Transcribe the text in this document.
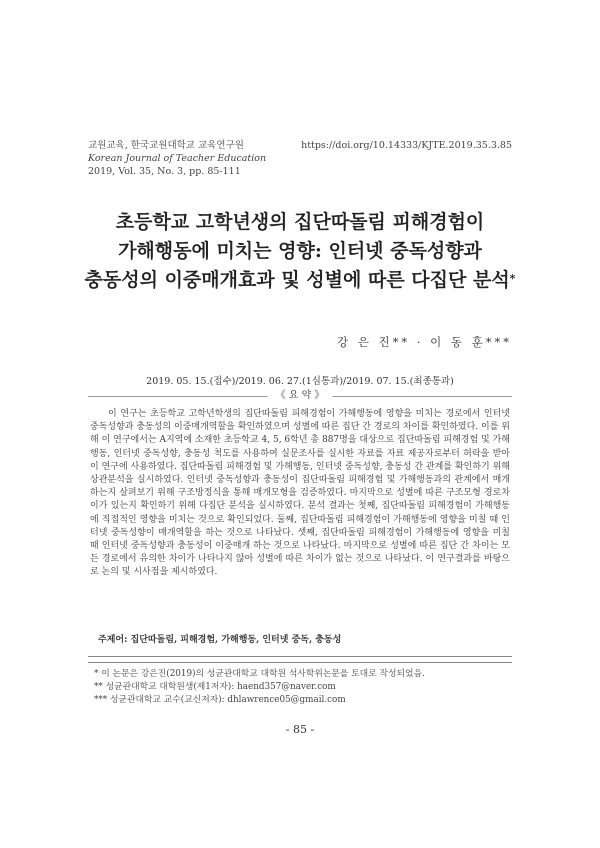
교원교육, 한국교원대학교 교육연구원
Korean Journal of Teacher Education
2019, Vol. 35, No. 3, pp. 85-111
https://doi.org/10.14333/KJTE.2019.35.3.85
초등학교 고학년생의 집단따돌림 피해경험이
가해행동에 미치는 영향: 인터넷 중독성향과
충동성의 이중매개효과 및 성별에 따른 다집단 분석*
강 은 진** · 이 동 훈***
2019. 05. 15.(접수)/2019. 06. 27.(1심통과)/2019. 07. 15.(최종통과)
《 요 약 》

이 연구는 초등학교 고학년학생의 집단따돌림 피해경험이 가해행동에 영향을 미치는 경로에서 인터넷 중독성향과 충동성의 이중매개역할을 확인하였으며 성별에 따른 집단 간 경로의 차이를 확인하였다. 이를 위해 이 연구에서는 A지역에 소재한 초등학교 4, 5, 6학년 총 887명을 대상으로 집단따돌림 피해경험 및 가해행동, 인터넷 중독성향, 충동성 척도를 사용하여 실문조사를 실시한 자료를 자료 제공자로부터 허락을 받아 이 연구에 사용하였다. 집단따돌림 피해경험 및 가해행동, 인터넷 중독성향, 충동성 간 관계를 확인하기 위해 상관분석을 실시하였다. 인터넷 중독성향과 충동성이 집단따돌림 피해경험 및 가해행동과의 관계에서 매개하는지 살펴보기 위해 구조방정식을 통해 매개모형을 검증하였다. 마지막으로 성별에 따른 구조모형 경로차이가 있는지 확인하기 위해 다집단 분석을 실시하였다. 분석 결과는 첫째, 집단따돌림 피해경험이 가해행동에 직접적인 영향을 미치는 것으로 확인되었다. 둘째, 집단따돌림 피해경험이 가해행동에 영향을 미칠 때 인터넷 중독성향이 매개역할을 하는 것으로 나타났다. 셋째, 집단따돌림 피해경험이 가해행동에 영향을 미칠 때 인터넷 중독성향과 충동성이 이중매개 하는 것으로 나타났다. 마지막으로 성별에 따른 집단 간 차이는 모든 경로에서 유의한 차이가 나타나지 않아 성별에 따른 차이가 없는 것으로 나타났다. 이 연구결과를 바탕으로 논의 및 시사점을 제시하였다.

주제어: 집단따돌림, 피해경험, 가해행동, 인터넷 중독, 충동성
* 이 논문은 강은진(2019)의 성균관대학교 대학원 석사학위논문을 토대로 작성되었음.
** 성균관대학교 대학원생(제1저자): haend357@naver.com
*** 성균관대학교 교수(교신저자): dhlawrence05@gmail.com
- 85 -
